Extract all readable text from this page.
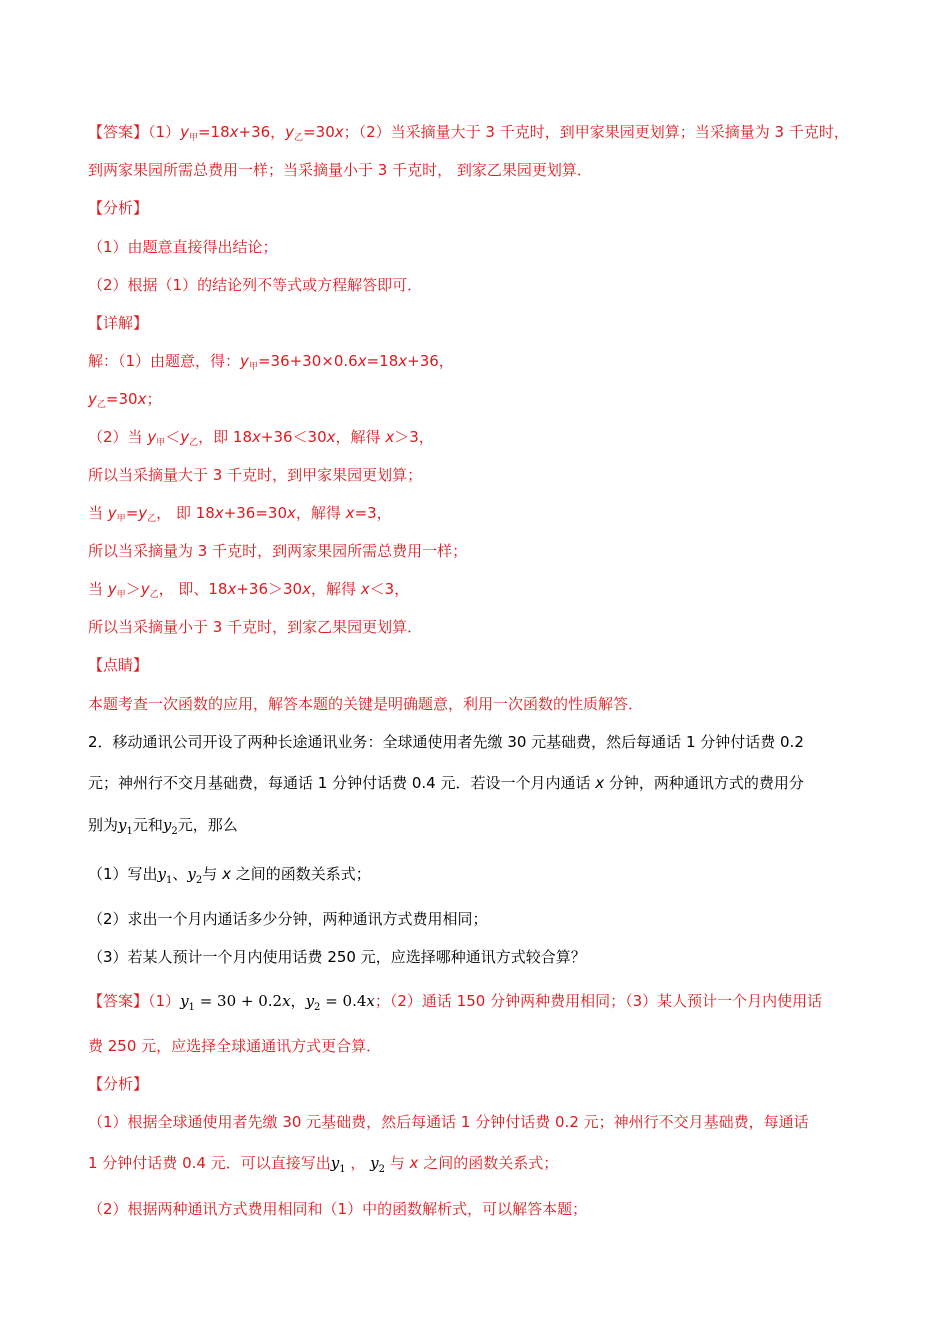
【答案】$(1)y_甲=18x+36$，$y_乙=30x$；（2）当采摘量大于 3 千克时，到甲家果园更划算；当采摘量为 3 千克时，
到两家果园所需总费用一样；当采摘量小于 3 千克时， 到家乙果园更划算．
【分析】
（1）由题意直接得出结论；
（2）根据（1）的结论列不等式或方程解答即可．
【详解】
解：（1）由题意，得：$y_甲=36+30\times 0.6x=18x+36$，
$y_乙=30x$；
（2）当 $y_甲<y_乙$，即 18x+36＜30x，解得 x＞3，
所以当采摘量大于 3 千克时，到甲家果园更划算；
当 $y_甲=y_乙$， 即 18x+36=30x，解得 x=3，
所以当采摘量为 3 千克时，到两家果园所需总费用一样；
当 $y_甲>y_乙$， 即、18x+36＞30x，解得 x＜3，
所以当采摘量小于 3 千克时，到家乙果园更划算．
【点睛】
本题考查一次函数的应用，解答本题的关键是明确题意，利用一次函数的性质解答．
2．移动通讯公司开设了两种长途通讯业务：全球通使用者先缴 30 元基础费，然后每通话 1 分钟付话费 0.2
元；神州行不交月基础费，每通话 1 分钟付话费 0.4 元．若设一个月内通话 x 分钟，两种通讯方式的费用分
别为$y_1$元和$y_2$元，那么
（1）写出$y_1$、$y_2$与 x 之间的函数关系式；
（2）求出一个月内通话多少分钟，两种通讯方式费用相同；
（3）若某人预计一个月内使用话费 250 元，应选择哪种通讯方式较合算？
【答案】$(1)y_1 = 30 + 0.2x$，$y_2 = 0.4x$；（2）通话 150 分钟两种费用相同；（3）某人预计一个月内使用话
费 250 元，应选择全球通通讯方式更合算．
【分析】
（1）根据全球通使用者先缴 30 元基础费，然后每通话 1 分钟付话费 0.2 元；神州行不交月基础费，每通话
1 分钟付话费 0.4 元．可以直接写出$y_1$ ， $y_2$ 与 x 之间的函数关系式；
（2）根据两种通讯方式费用相同和（1）中的函数解析式，可以解答本题；
